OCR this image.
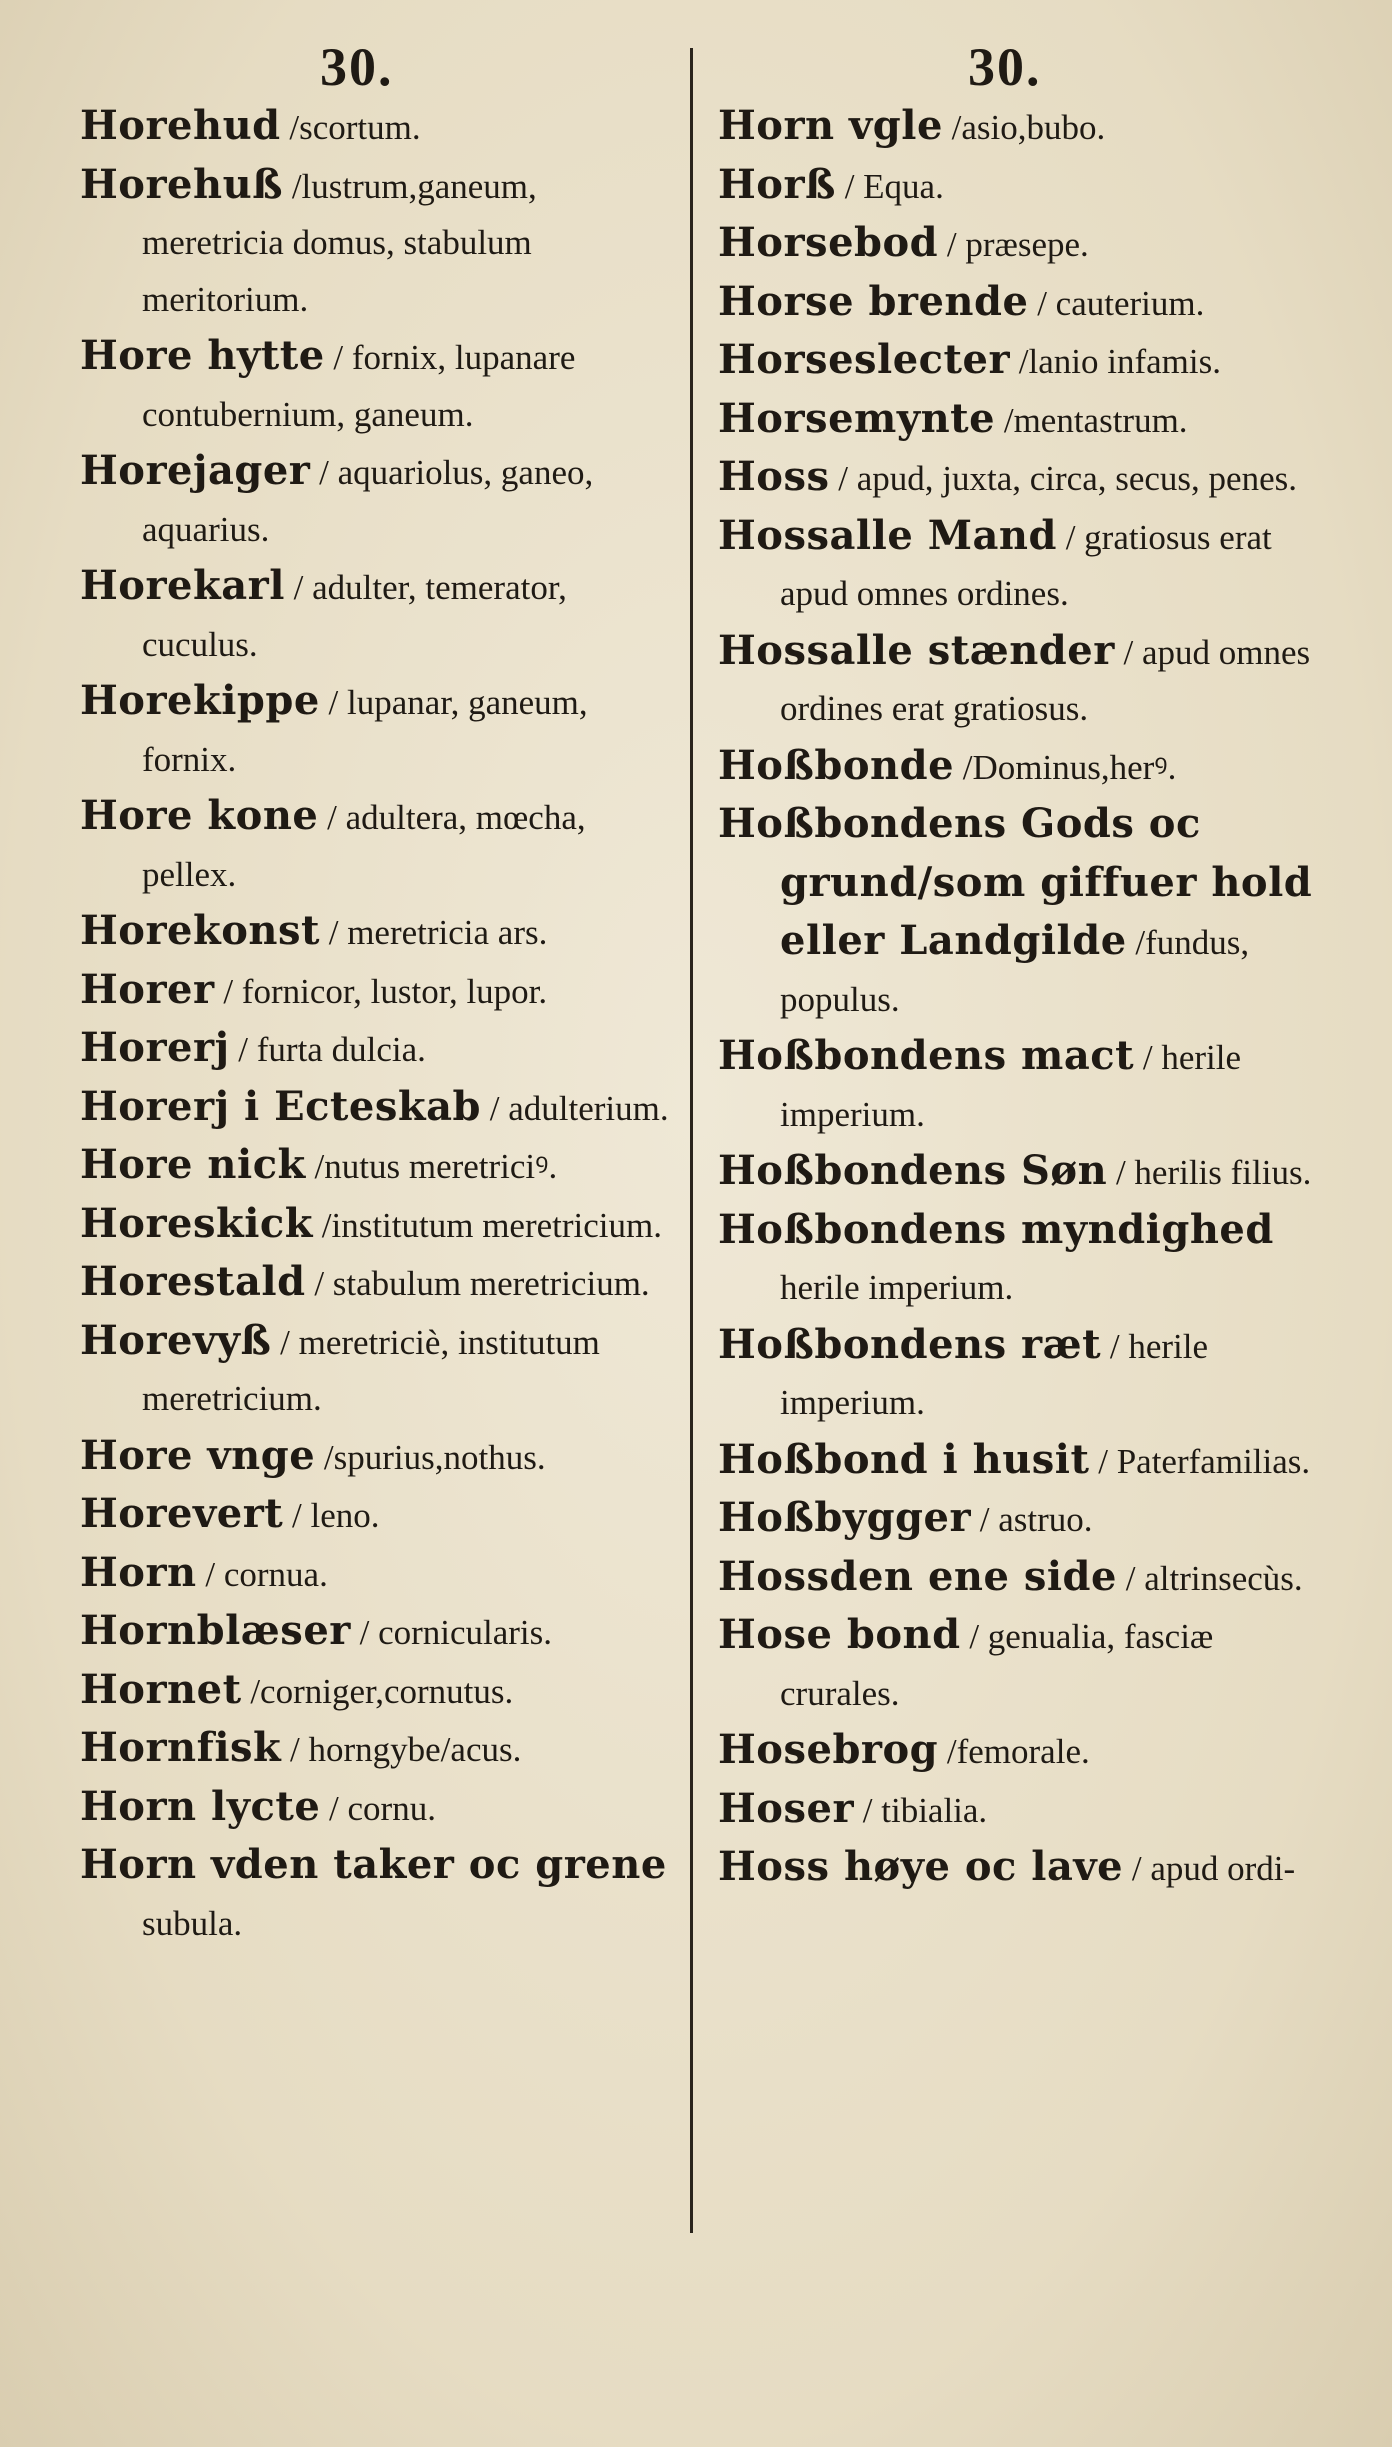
30.	30.

Horehud /scortum.

Horehuß /lustrum,ganeum, meretricia domus, stabulum meritorium.

Hore hytte / fornix, lupanare contubernium, ganeum.

Horejager / aquariolus, ganeo, aquarius.

Horekarl / adulter, temerator, cuculus.

Horekippe / lupanar, ganeum, fornix.

Hore kone / adultera, mœcha, pellex.

Horekonst / meretricia ars.

Horer / fornicor, lustor, lupor.

Horerj / furta dulcia.

Horerj i Ecteskab / adulterium.

Hore nick /nutus meretriciꝰ.

Horeskick /institutum meretricium.

Horestald / stabulum meretricium.

Horevyß / meretriciè, institutum meretricium.

Hore vnge /spurius,nothus.

Horevert / leno.

Horn / cornua.

Hornblæser / cornicularis.

Hornet /corniger,cornutus.

Hornfisk / horngybe/acus.

Horn lycte / cornu.

Horn vden taker oc grene subula.

Horn vgle /asio,bubo.

Horß / Equa.

Horsebod / præsepe.

Horse brende / cauterium.

Horseslecter /lanio infamis.

Horsemynte /mentastrum.

Hoss / apud, juxta, circa, secus, penes.

Hossalle Mand / gratiosus erat apud omnes ordines.

Hossalle stænder / apud omnes ordines erat gratiosus.

Hoßbonde /Dominus,herꝰ.

Hoßbondens Gods oc grund/som giffuer hold eller Landgilde /fundus, populus.

Hoßbondens mact / herile imperium.

Hoßbondens Søn / herilis filius.

Hoßbondens myndighed herile imperium.

Hoßbondens ræt / herile imperium.

Hoßbond i husit / Paterfamilias.

Hoßbygger / astruo.

Hossden ene side / altrinsecùs.

Hose bond / genualia, fasciæ crurales.

Hosebrog /femorale.

Hoser / tibialia.

Hoss høye oc lave / apud ordi-
